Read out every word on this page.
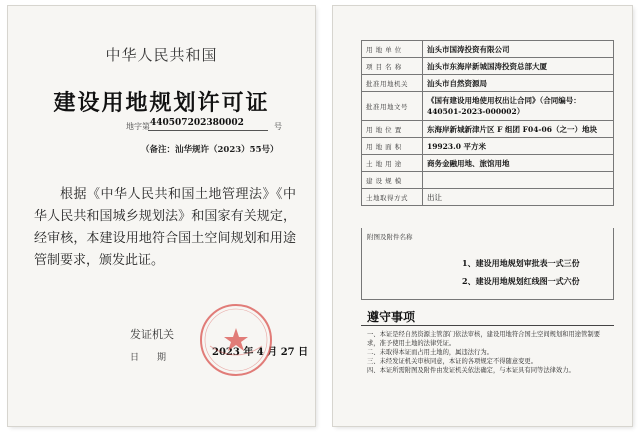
中华人民共和国
建设用地规划许可证
地字第 440507202380002	号
（备注：汕华规许（2023）55号）
根据《中华人民共和国土地管理法》《中华人民共和国城乡规划法》和国家有关规定，经审核，本建设用地符合国土空间规划和用途管制要求，颁发此证。
发证机关
日期	2023 年 4 月 27 日
用 地 单 位	汕头市国涛投资有限公司
项 目 名 称	汕头市东海岸新城国涛投资总部大厦
批准用地机关	汕头市自然资源局
批准用地文号	《国有建设用地使用权出让合同》（合同编号：440501-2023-000002）
用 地 位 置	东海岸新城新津片区 F 组团 F04-06（之一）地块
用 地 面 积	19923.0 平方米
土 地 用 途	商务金融用地、旅馆用地
建 设 规 模	
土地取得方式	出让
附图及附件名称
1、建设用地规划审批表一式三份
2、建设用地规划红线图一式六份
遵守事项
一、本证是经自然资源主管部门依法审核，建设用地符合国土空间规划和用途管制要求，准予使用土地的法律凭证。
二、未取得本证而占用土地的，属违法行为。
三、未经发证机关审核同意，本证的各项规定不得随意变更。
四、本证所需附图及附件由发证机关依法确定，与本证具有同等法律效力。
